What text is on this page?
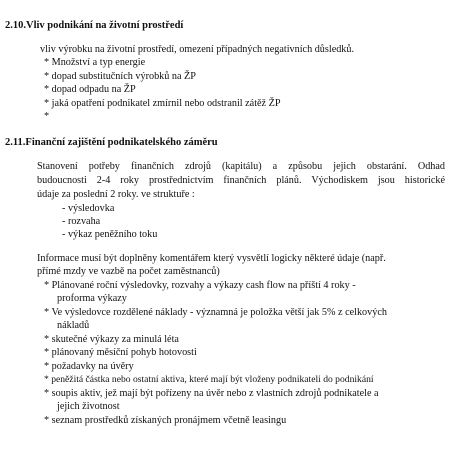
2.10.Vliv podnikání na životní prostředí
vliv výrobku na životní prostředí, omezení případných negativních důsledků.
* Množství a typ energie
* dopad substitučních výrobků na ŽP
* dopad odpadu na ŽP
* jaká opatření podnikatel zmírnil nebo odstranil zátěž ŽP
*
2.11.Finanční zajištění podnikatelského záměru
Stanovení potřeby finančních zdrojů (kapitálu) a způsobu jejich obstarání. Odhad
budoucnosti 2-4 roky prostřednictvím finančních plánů. Východiskem jsou historické
údaje za poslední 2 roky. ve struktuře :
- výsledovka
- rozvaha
- výkaz peněžního toku
Informace musí být doplněny komentářem který vysvětlí logicky některé údaje (např.
přímé mzdy ve vazbě na počet zaměstnanců)
* Plánované roční výsledovky, rozvahy a výkazy cash flow na příští 4 roky -
proforma výkazy
* Ve výsledovce rozdělené náklady - významná je položka větší jak 5% z celkových
nákladů
* skutečné výkazy za minulá léta
* plánovaný měsíční pohyb hotovosti
* požadavky na úvěry
* peněžitá částka nebo ostatní aktiva, které mají být vloženy podnikateli do podnikání
* soupis aktiv, jež mají být pořízeny na úvěr nebo z vlastních zdrojů podnikatele a
jejich životnost
* seznam prostředků získaných pronájmem včetně leasingu
